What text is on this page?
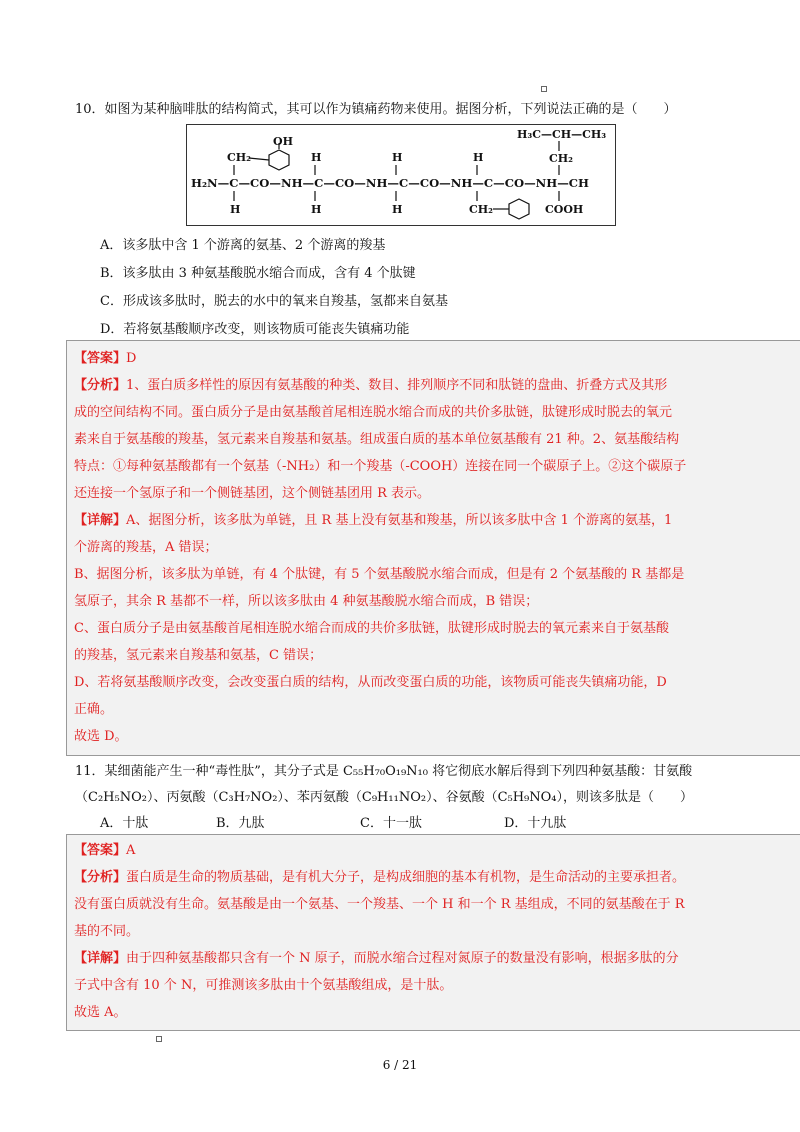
10．如图为某种脑啡肽的结构简式，其可以作为镇痛药物来使用。据图分析，下列说法正确的是（　　）
H₃C—CH—CH₃
CH₂
OH
CH₂	H	H	H
H₂N—C—CO—NH—C—CO—NH—C—CO—NH—C—CO—NH—CH
H	H	H	CH₂	COOH
A．该多肽中含 1 个游离的氨基、2 个游离的羧基
B．该多肽由 3 种氨基酸脱水缩合而成，含有 4 个肽键
C．形成该多肽时，脱去的水中的氧来自羧基，氢都来自氨基
D．若将氨基酸顺序改变，则该物质可能丧失镇痛功能
【答案】D
【分析】1、蛋白质多样性的原因有氨基酸的种类、数目、排列顺序不同和肽链的盘曲、折叠方式及其形
成的空间结构不同。蛋白质分子是由氨基酸首尾相连脱水缩合而成的共价多肽链，肽键形成时脱去的氧元
素来自于氨基酸的羧基，氢元素来自羧基和氨基。组成蛋白质的基本单位氨基酸有 21 种。2、氨基酸结构
特点：①每种氨基酸都有一个氨基（-NH₂）和一个羧基（-COOH）连接在同一个碳原子上。②这个碳原子
还连接一个氢原子和一个侧链基团，这个侧链基团用 R 表示。
【详解】A、据图分析，该多肽为单链，且 R 基上没有氨基和羧基，所以该多肽中含 1 个游离的氨基，1
个游离的羧基，A 错误；
B、据图分析，该多肽为单链，有 4 个肽键，有 5 个氨基酸脱水缩合而成，但是有 2 个氨基酸的 R 基都是
氢原子，其余 R 基都不一样，所以该多肽由 4 种氨基酸脱水缩合而成，B 错误；
C、蛋白质分子是由氨基酸首尾相连脱水缩合而成的共价多肽链，肽键形成时脱去的氧元素来自于氨基酸
的羧基，氢元素来自羧基和氨基，C 错误；
D、若将氨基酸顺序改变，会改变蛋白质的结构，从而改变蛋白质的功能，该物质可能丧失镇痛功能，D
正确。
故选 D。
11．某细菌能产生一种“毒性肽”，其分子式是 C₅₅H₇₀O₁₉N₁₀ 将它彻底水解后得到下列四种氨基酸：甘氨酸
（C₂H₅NO₂）、丙氨酸（C₃H₇NO₂）、苯丙氨酸（C₉H₁₁NO₂）、谷氨酸（C₅H₉NO₄），则该多肽是（　　）
A．十肽	B．九肽	C．十一肽	D．十九肽
【答案】A
【分析】蛋白质是生命的物质基础，是有机大分子，是构成细胞的基本有机物，是生命活动的主要承担者。
没有蛋白质就没有生命。氨基酸是由一个氨基、一个羧基、一个 H 和一个 R 基组成，不同的氨基酸在于 R
基的不同。
【详解】由于四种氨基酸都只含有一个 N 原子，而脱水缩合过程对氮原子的数量没有影响，根据多肽的分
子式中含有 10 个 N，可推测该多肽由十个氨基酸组成，是十肽。
故选 A。
6 / 21
